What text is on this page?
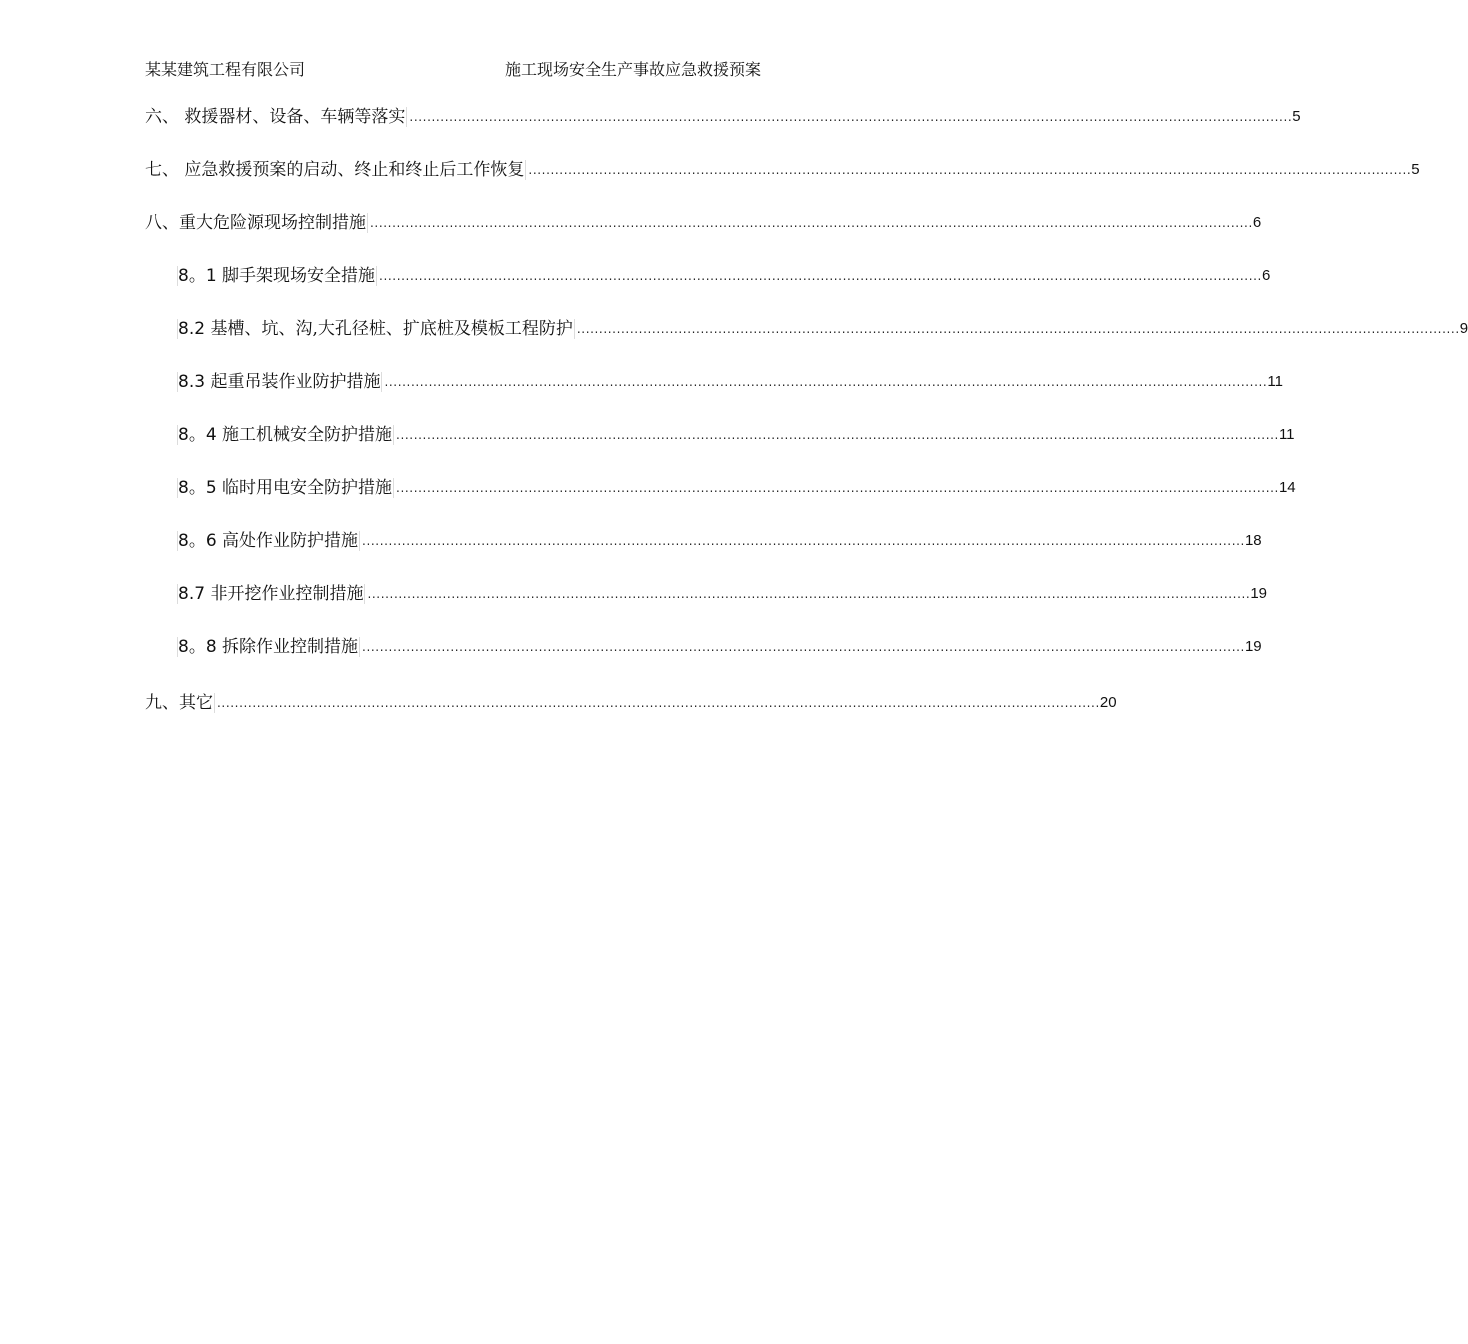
某某建筑工程有限公司	施工现场安全生产事故应急救援预案
六、 救援器材、设备、车辆等落实 ........................................................................................................................................................................................................ 5
七、 应急救援预案的启动、终止和终止后工作恢复 ........................................................................................................................................................................................................ 5
八、重大危险源现场控制措施 ........................................................................................................................................................................................................ 6
8。1 脚手架现场安全措施 ........................................................................................................................................................................................................ 6
8.2 基槽、坑、沟,大孔径桩、扩底桩及模板工程防护 ........................................................................................................................................................................................................ 9
8.3 起重吊装作业防护措施 ........................................................................................................................................................................................................ 11
8。4 施工机械安全防护措施 ........................................................................................................................................................................................................ 11
8。5 临时用电安全防护措施 ........................................................................................................................................................................................................ 14
8。6 高处作业防护措施 ........................................................................................................................................................................................................ 18
8.7 非开挖作业控制措施 ........................................................................................................................................................................................................ 19
8。8 拆除作业控制措施 ........................................................................................................................................................................................................ 19
九、其它 ........................................................................................................................................................................................................ 20
